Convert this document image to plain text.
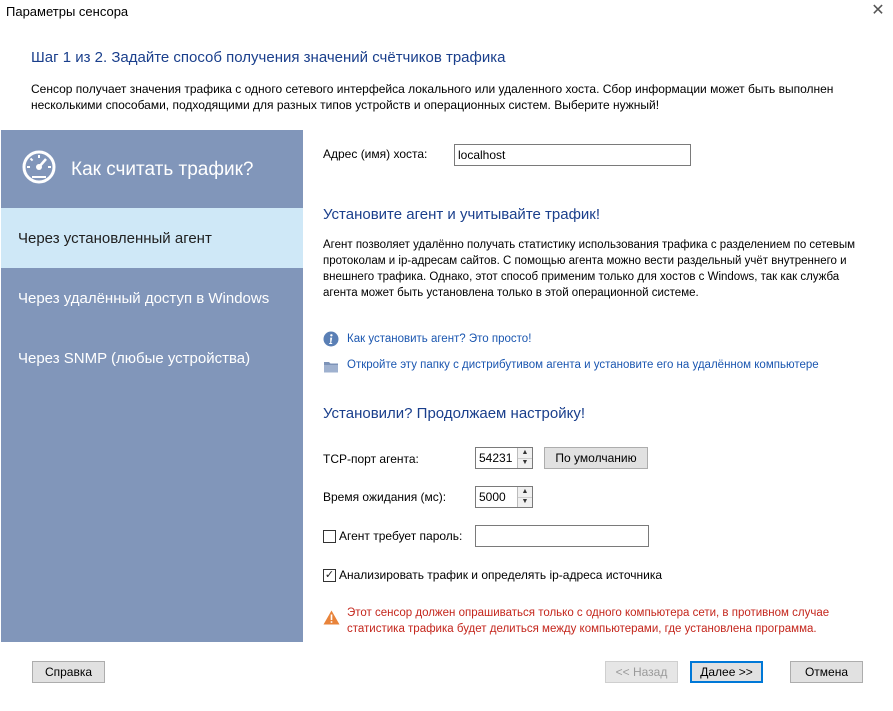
Параметры сенсора	✕
Шаг 1 из 2. Задайте способ получения значений счётчиков трафика
Сенсор получает значения трафика с одного сетевого интерфейса локального или удаленного хоста. Сбор информации может быть выполнен несколькими способами, подходящими для разных типов устройств и операционных систем. Выберите нужный!
Как считать трафик?
Через установленный агент
Через удалённый доступ в Windows
Через SNMP (любые устройства)
Адрес (имя) хоста:
localhost
Установите агент и учитывайте трафик!
Агент позволяет удалённо получать статистику использования трафика с разделением по сетевым протоколам и ip-адресам сайтов. С помощью агента можно вести раздельный учёт внутреннего и внешнего трафика. Однако, этот способ применим только для хостов с Windows, так как служба агента может быть установлена только в этой операционной системе.
Как установить агент? Это просто!
Откройте эту папку с дистрибутивом агента и установите его на удалённом компьютере
Установили? Продолжаем настройку!
TCP-порт агента:	54231	▲
▼	По умолчанию
Время ожидания (мс):	5000	▲
▼
Агент требует пароль:
✓ Анализировать трафик и определять ip-адреса источника
Этот сенсор должен опрашиваться только с одного компьютера сети, в противном случае статистика трафика будет делиться между компьютерами, где установлена программа.
Справка	<< Назад	Далее >>	Отмена
